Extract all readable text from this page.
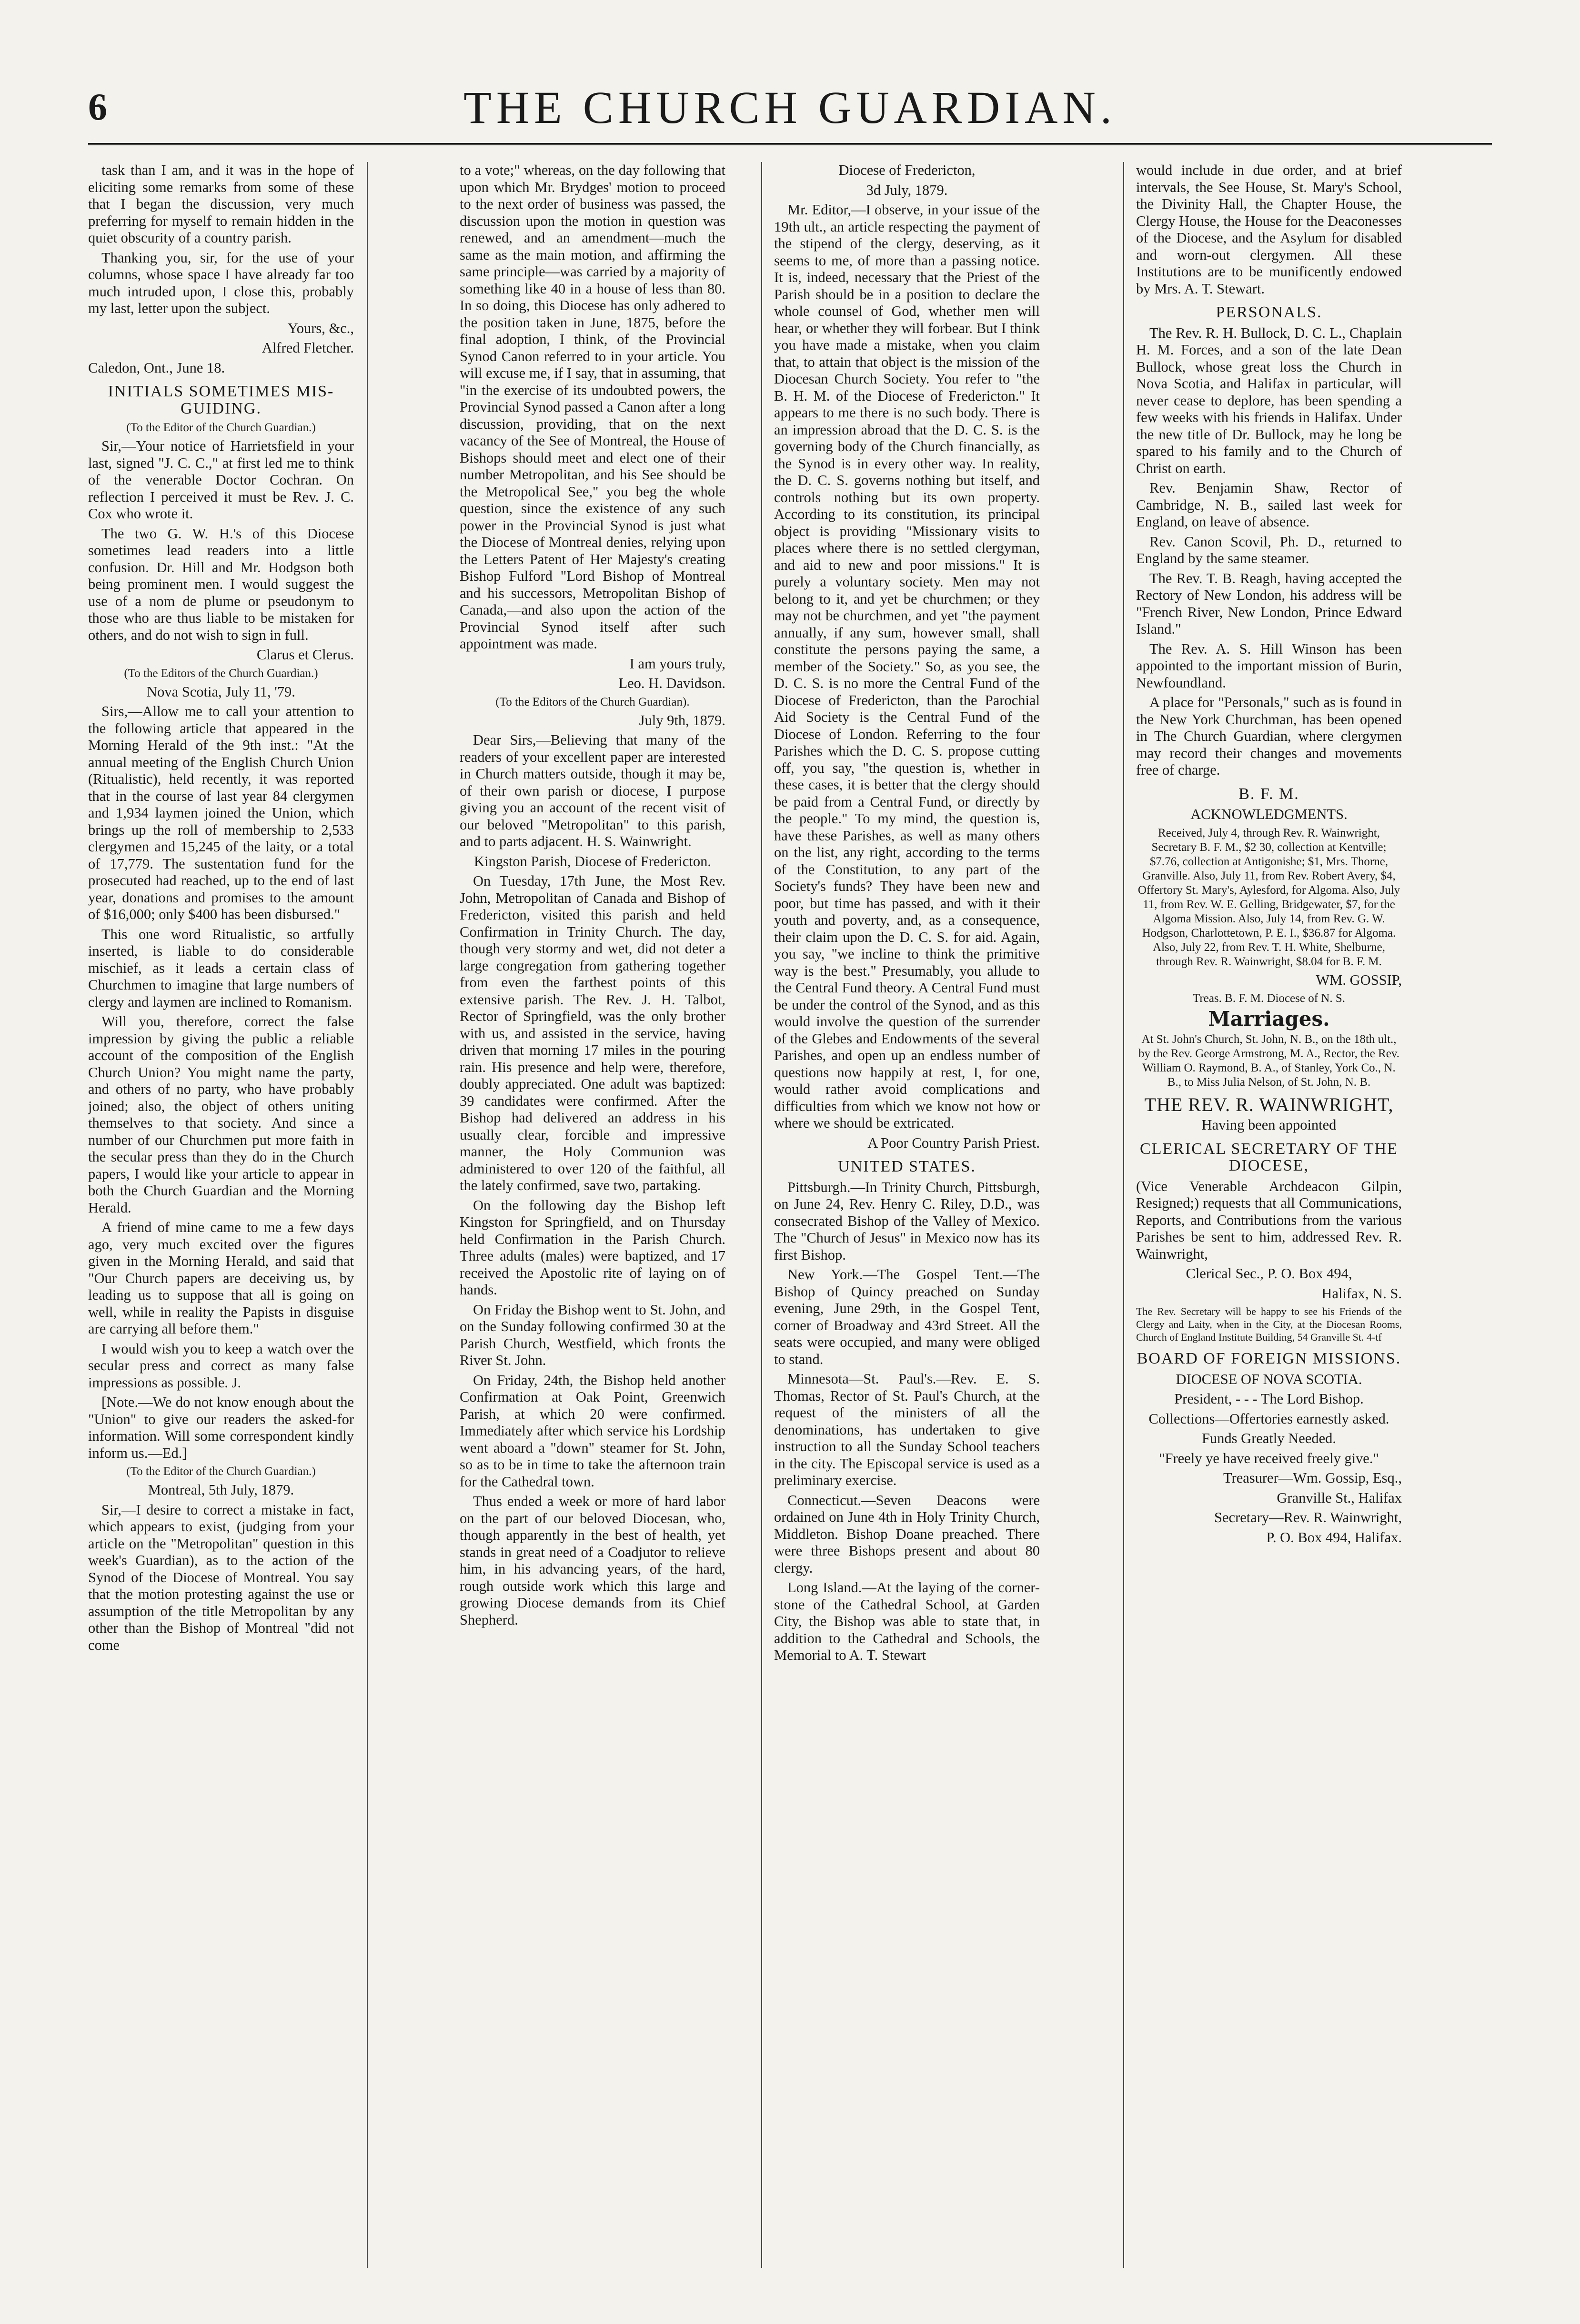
6	THE CHURCH GUARDIAN.

task than I am, and it was in the hope of eliciting some remarks from some of these that I began the discussion, very much preferring for myself to remain hidden in the quiet obscurity of a country parish.

Thanking you, sir, for the use of your columns, whose space I have already far too much intruded upon, I close this, probably my last, letter upon the subject.

Yours, &c.,

Alfred Fletcher.

Caledon, Ont., June 18.

INITIALS SOMETIMES MIS-GUIDING.

(To the Editor of the Church Guardian.)

Sir,—Your notice of Harrietsfield in your last, signed "J. C. C.," at first led me to think of the venerable Doctor Cochran. On reflection I perceived it must be Rev. J. C. Cox who wrote it.

The two G. W. H.'s of this Diocese sometimes lead readers into a little confusion. Dr. Hill and Mr. Hodgson both being prominent men. I would suggest the use of a nom de plume or pseudonym to those who are thus liable to be mistaken for others, and do not wish to sign in full.

Clarus et Clerus.

(To the Editors of the Church Guardian.)

Nova Scotia, July 11, '79.

Sirs,—Allow me to call your attention to the following article that appeared in the Morning Herald of the 9th inst.: "At the annual meeting of the English Church Union (Ritualistic), held recently, it was reported that in the course of last year 84 clergymen and 1,934 laymen joined the Union, which brings up the roll of membership to 2,533 clergymen and 15,245 of the laity, or a total of 17,779. The sustentation fund for the prosecuted had reached, up to the end of last year, donations and promises to the amount of $16,000; only $400 has been disbursed."

This one word Ritualistic, so artfully inserted, is liable to do considerable mischief, as it leads a certain class of Churchmen to imagine that large numbers of clergy and laymen are inclined to Romanism.

Will you, therefore, correct the false impression by giving the public a reliable account of the composition of the English Church Union? You might name the party, and others of no party, who have probably joined; also, the object of others uniting themselves to that society. And since a number of our Churchmen put more faith in the secular press than they do in the Church papers, I would like your article to appear in both the Church Guardian and the Morning Herald.

A friend of mine came to me a few days ago, very much excited over the figures given in the Morning Herald, and said that "Our Church papers are deceiving us, by leading us to suppose that all is going on well, while in reality the Papists in disguise are carrying all before them."

I would wish you to keep a watch over the secular press and correct as many false impressions as possible. J.

[Note.—We do not know enough about the "Union" to give our readers the asked-for information. Will some correspondent kindly inform us.—Ed.]

(To the Editor of the Church Guardian.)

Montreal, 5th July, 1879.

Sir,—I desire to correct a mistake in fact, which appears to exist, (judging from your article on the "Metropolitan" question in this week's Guardian), as to the action of the Synod of the Diocese of Montreal. You say that the motion protesting against the use or assumption of the title Metropolitan by any other than the Bishop of Montreal "did not come

to a vote;" whereas, on the day following that upon which Mr. Brydges' motion to proceed to the next order of business was passed, the discussion upon the motion in question was renewed, and an amendment—much the same as the main motion, and affirming the same principle—was carried by a majority of something like 40 in a house of less than 80. In so doing, this Diocese has only adhered to the position taken in June, 1875, before the final adoption, I think, of the Provincial Synod Canon referred to in your article. You will excuse me, if I say, that in assuming, that "in the exercise of its undoubted powers, the Provincial Synod passed a Canon after a long discussion, providing, that on the next vacancy of the See of Montreal, the House of Bishops should meet and elect one of their number Metropolitan, and his See should be the Metropolical See," you beg the whole question, since the existence of any such power in the Provincial Synod is just what the Diocese of Montreal denies, relying upon the Letters Patent of Her Majesty's creating Bishop Fulford "Lord Bishop of Montreal and his successors, Metropolitan Bishop of Canada,—and also upon the action of the Provincial Synod itself after such appointment was made.

I am yours truly,

Leo. H. Davidson.

(To the Editors of the Church Guardian).

July 9th, 1879.

Dear Sirs,—Believing that many of the readers of your excellent paper are interested in Church matters outside, though it may be, of their own parish or diocese, I purpose giving you an account of the recent visit of our beloved "Metropolitan" to this parish, and to parts adjacent. H. S. Wainwright.

Kingston Parish, Diocese of Fredericton.

On Tuesday, 17th June, the Most Rev. John, Metropolitan of Canada and Bishop of Fredericton, visited this parish and held Confirmation in Trinity Church. The day, though very stormy and wet, did not deter a large congregation from gathering together from even the farthest points of this extensive parish. The Rev. J. H. Talbot, Rector of Springfield, was the only brother with us, and assisted in the service, having driven that morning 17 miles in the pouring rain. His presence and help were, therefore, doubly appreciated. One adult was baptized: 39 candidates were confirmed. After the Bishop had delivered an address in his usually clear, forcible and impressive manner, the Holy Communion was administered to over 120 of the faithful, all the lately confirmed, save two, partaking.

On the following day the Bishop left Kingston for Springfield, and on Thursday held Confirmation in the Parish Church. Three adults (males) were baptized, and 17 received the Apostolic rite of laying on of hands.

On Friday the Bishop went to St. John, and on the Sunday following confirmed 30 at the Parish Church, Westfield, which fronts the River St. John.

On Friday, 24th, the Bishop held another Confirmation at Oak Point, Greenwich Parish, at which 20 were confirmed. Immediately after which service his Lordship went aboard a "down" steamer for St. John, so as to be in time to take the afternoon train for the Cathedral town.

Thus ended a week or more of hard labor on the part of our beloved Diocesan, who, though apparently in the best of health, yet stands in great need of a Coadjutor to relieve him, in his advancing years, of the hard, rough outside work which this large and growing Diocese demands from its Chief Shepherd.

Diocese of Fredericton,

3d July, 1879.

Mr. Editor,—I observe, in your issue of the 19th ult., an article respecting the payment of the stipend of the clergy, deserving, as it seems to me, of more than a passing notice. It is, indeed, necessary that the Priest of the Parish should be in a position to declare the whole counsel of God, whether men will hear, or whether they will forbear. But I think you have made a mistake, when you claim that, to attain that object is the mission of the Diocesan Church Society. You refer to "the B. H. M. of the Diocese of Fredericton." It appears to me there is no such body. There is an impression abroad that the D. C. S. is the governing body of the Church financially, as the Synod is in every other way. In reality, the D. C. S. governs nothing but itself, and controls nothing but its own property. According to its constitution, its principal object is providing "Missionary visits to places where there is no settled clergyman, and aid to new and poor missions." It is purely a voluntary society. Men may not belong to it, and yet be churchmen; or they may not be churchmen, and yet "the payment annually, if any sum, however small, shall constitute the persons paying the same, a member of the Society." So, as you see, the D. C. S. is no more the Central Fund of the Diocese of Fredericton, than the Parochial Aid Society is the Central Fund of the Diocese of London. Referring to the four Parishes which the D. C. S. propose cutting off, you say, "the question is, whether in these cases, it is better that the clergy should be paid from a Central Fund, or directly by the people." To my mind, the question is, have these Parishes, as well as many others on the list, any right, according to the terms of the Constitution, to any part of the Society's funds? They have been new and poor, but time has passed, and with it their youth and poverty, and, as a consequence, their claim upon the D. C. S. for aid. Again, you say, "we incline to think the primitive way is the best." Presumably, you allude to the Central Fund theory. A Central Fund must be under the control of the Synod, and as this would involve the question of the surrender of the Glebes and Endowments of the several Parishes, and open up an endless number of questions now happily at rest, I, for one, would rather avoid complications and difficulties from which we know not how or where we should be extricated.

A Poor Country Parish Priest.

UNITED STATES.

Pittsburgh.—In Trinity Church, Pittsburgh, on June 24, Rev. Henry C. Riley, D.D., was consecrated Bishop of the Valley of Mexico. The "Church of Jesus" in Mexico now has its first Bishop.

New York.—The Gospel Tent.—The Bishop of Quincy preached on Sunday evening, June 29th, in the Gospel Tent, corner of Broadway and 43rd Street. All the seats were occupied, and many were obliged to stand.

Minnesota—St. Paul's.—Rev. E. S. Thomas, Rector of St. Paul's Church, at the request of the ministers of all the denominations, has undertaken to give instruction to all the Sunday School teachers in the city. The Episcopal service is used as a preliminary exercise.

Connecticut.—Seven Deacons were ordained on June 4th in Holy Trinity Church, Middleton. Bishop Doane preached. There were three Bishops present and about 80 clergy.

Long Island.—At the laying of the corner-stone of the Cathedral School, at Garden City, the Bishop was able to state that, in addition to the Cathedral and Schools, the Memorial to A. T. Stewart

would include in due order, and at brief intervals, the See House, St. Mary's School, the Divinity Hall, the Chapter House, the Clergy House, the House for the Deaconesses of the Diocese, and the Asylum for disabled and worn-out clergymen. All these Institutions are to be munificently endowed by Mrs. A. T. Stewart.

PERSONALS.

The Rev. R. H. Bullock, D. C. L., Chaplain H. M. Forces, and a son of the late Dean Bullock, whose great loss the Church in Nova Scotia, and Halifax in particular, will never cease to deplore, has been spending a few weeks with his friends in Halifax. Under the new title of Dr. Bullock, may he long be spared to his family and to the Church of Christ on earth.

Rev. Benjamin Shaw, Rector of Cambridge, N. B., sailed last week for England, on leave of absence.

Rev. Canon Scovil, Ph. D., returned to England by the same steamer.

The Rev. T. B. Reagh, having accepted the Rectory of New London, his address will be "French River, New London, Prince Edward Island."

The Rev. A. S. Hill Winson has been appointed to the important mission of Burin, Newfoundland.

A place for "Personals," such as is found in the New York Churchman, has been opened in The Church Guardian, where clergymen may record their changes and movements free of charge.

B. F. M.

ACKNOWLEDGMENTS.

Received, July 4, through Rev. R. Wainwright, Secretary B. F. M., $2 30, collection at Kentville; $7.76, collection at Antigonishe; $1, Mrs. Thorne, Granville. Also, July 11, from Rev. Robert Avery, $4, Offertory St. Mary's, Aylesford, for Algoma. Also, July 11, from Rev. W. E. Gelling, Bridgewater, $7, for the Algoma Mission. Also, July 14, from Rev. G. W. Hodgson, Charlottetown, P. E. I., $36.87 for Algoma. Also, July 22, from Rev. T. H. White, Shelburne, through Rev. R. Wainwright, $8.04 for B. F. M.

WM. GOSSIP,

Treas. B. F. M. Diocese of N. S.

Marriages.

At St. John's Church, St. John, N. B., on the 18th ult., by the Rev. George Armstrong, M. A., Rector, the Rev. William O. Raymond, B. A., of Stanley, York Co., N. B., to Miss Julia Nelson, of St. John, N. B.

THE REV. R. WAINWRIGHT,

Having been appointed

CLERICAL SECRETARY OF THE DIOCESE,

(Vice Venerable Archdeacon Gilpin, Resigned;) requests that all Communications, Reports, and Contributions from the various Parishes be sent to him, addressed Rev. R. Wainwright,

Clerical Sec., P. O. Box 494,

Halifax, N. S.

The Rev. Secretary will be happy to see his Friends of the Clergy and Laity, when in the City, at the Diocesan Rooms, Church of England Institute Building, 54 Granville St. 4-tf

BOARD OF FOREIGN MISSIONS.

DIOCESE OF NOVA SCOTIA.

President, - - - The Lord Bishop.

Collections—Offertories earnestly asked.

Funds Greatly Needed.

"Freely ye have received freely give."

Treasurer—Wm. Gossip, Esq.,

Granville St., Halifax

Secretary—Rev. R. Wainwright,

P. O. Box 494, Halifax.
